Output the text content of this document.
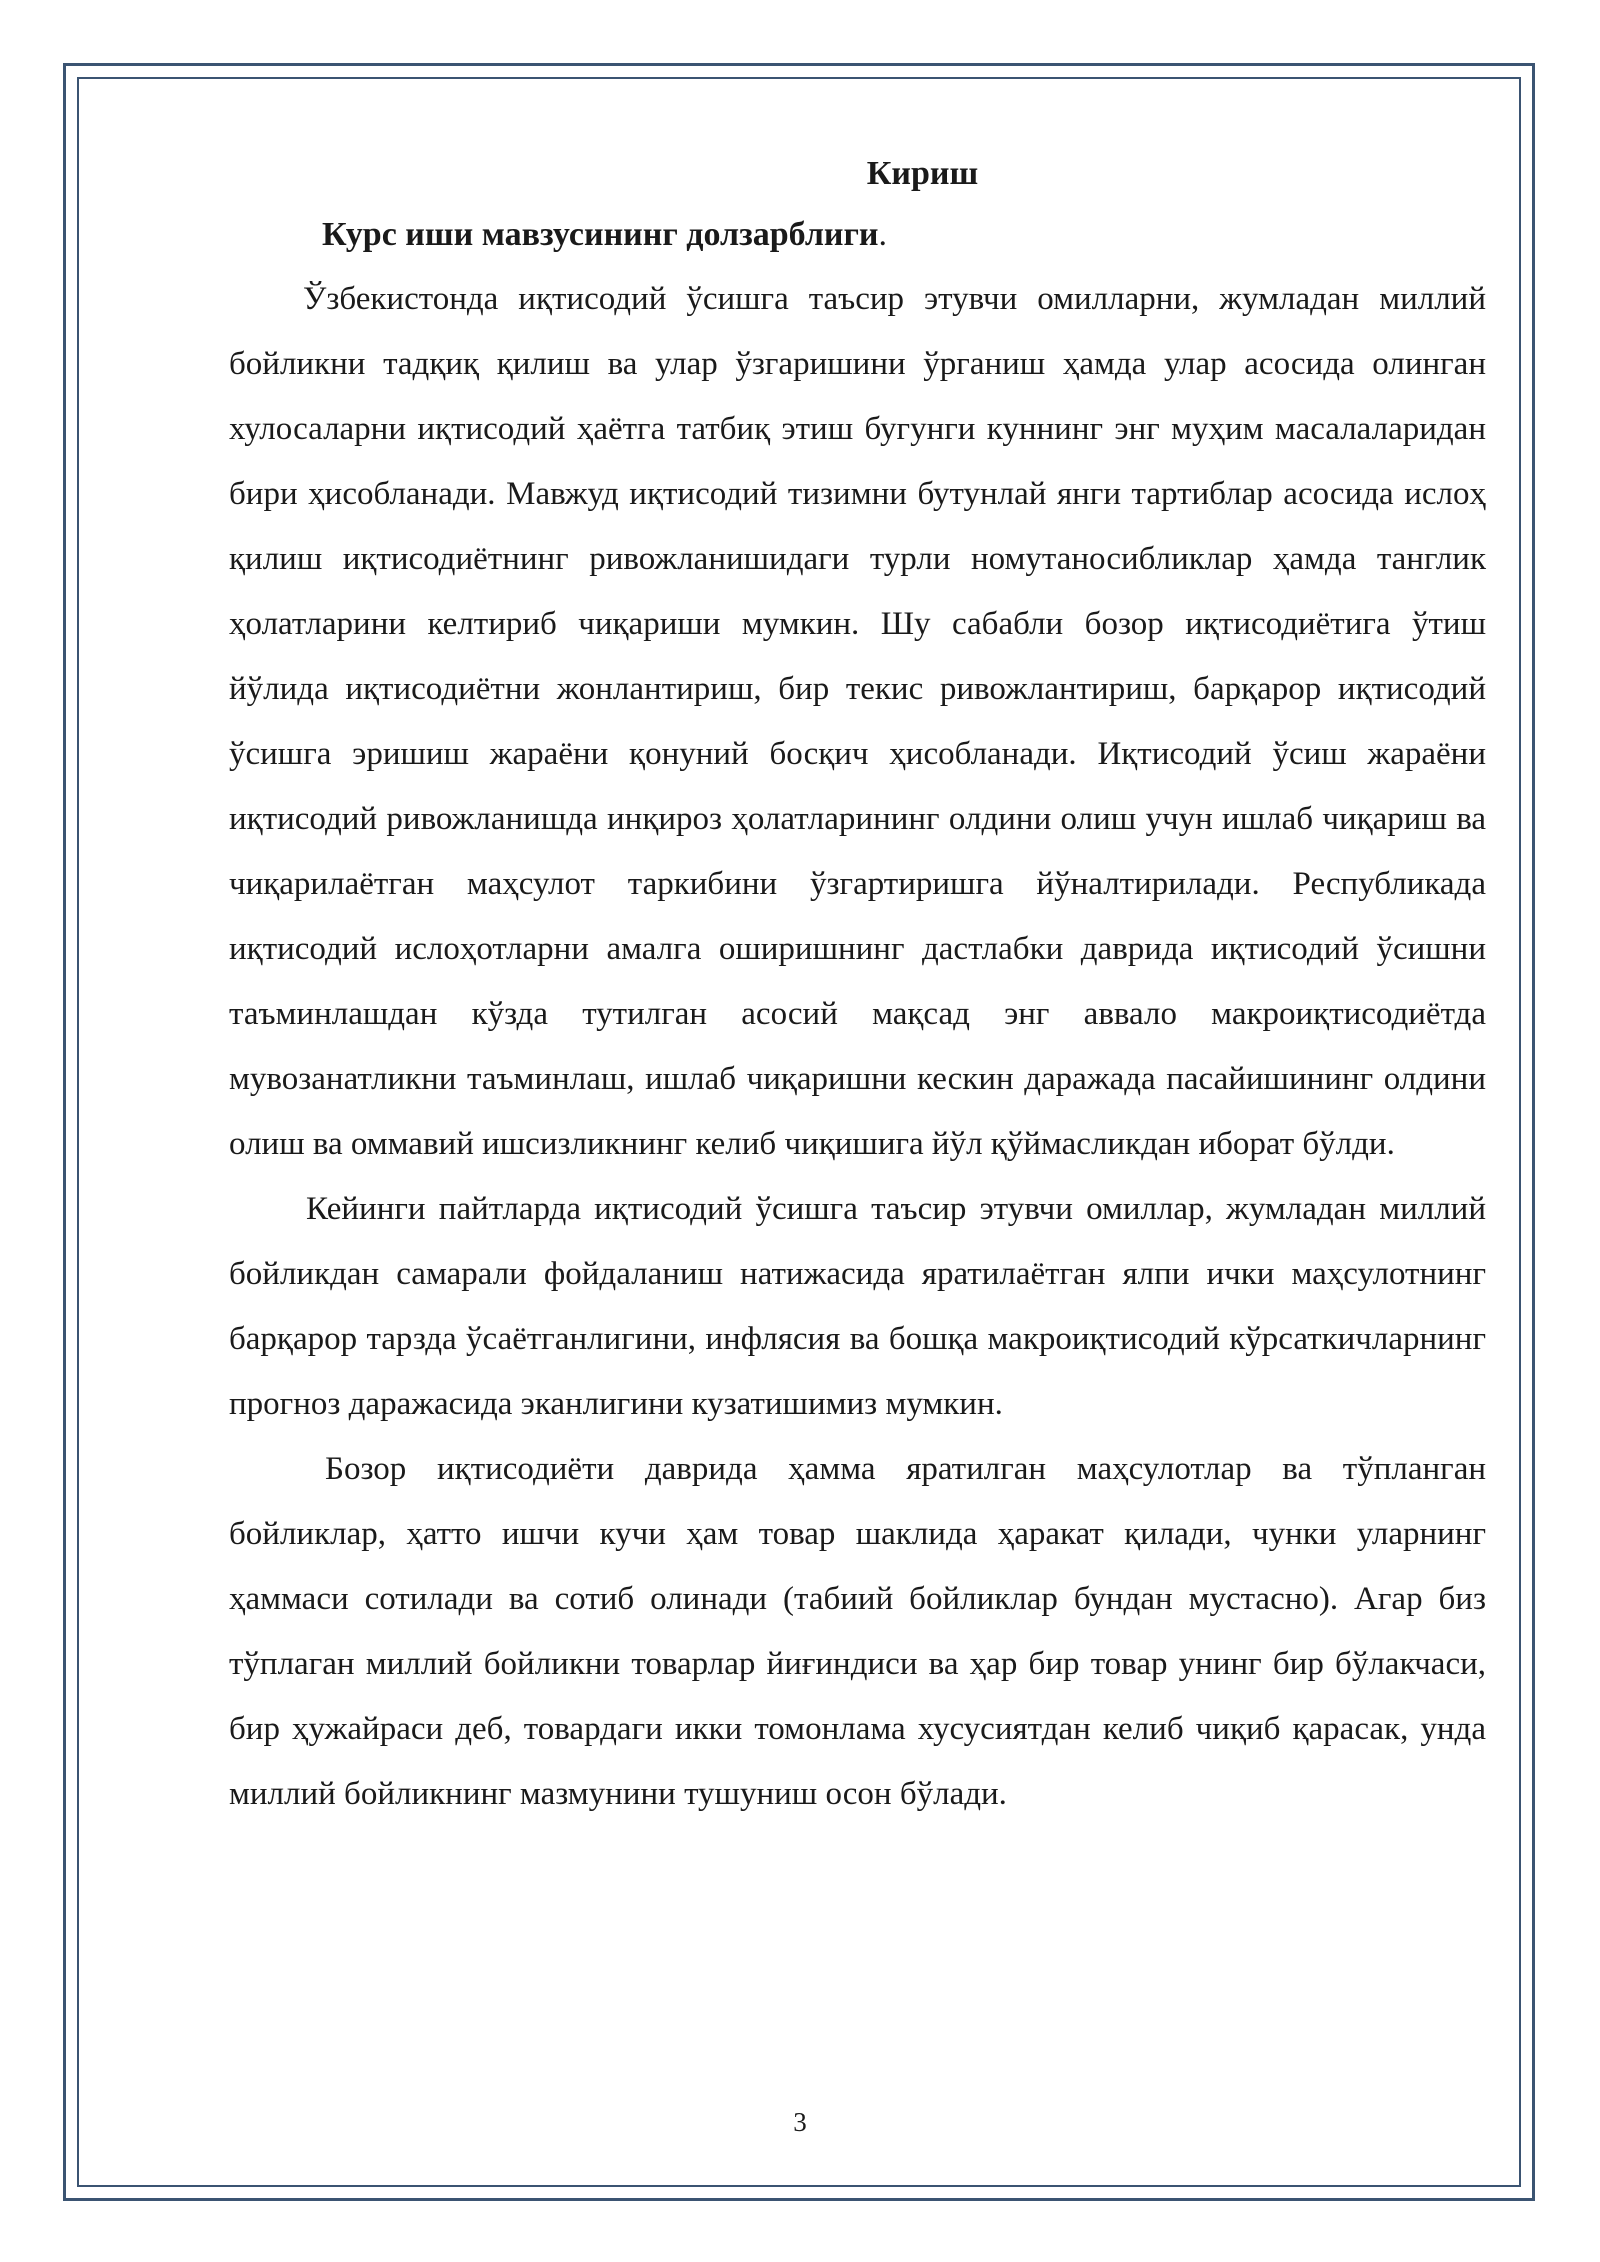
Кириш
Курс иши мавзусининг долзарблиги.

Ўзбекистонда иқтисодий ўсишга таъсир этувчи омилларни, жумладан миллий бойликни тадқиқ қилиш ва улар ўзгаришини ўрганиш ҳамда улар асосида олинган хулосаларни иқтисодий ҳаётга татбиқ этиш бугунги куннинг энг муҳим масалаларидан бири ҳисобланади. Мавжуд иқтисодий тизимни бутунлай янги тартиблар асосида ислоҳ қилиш иқтисодиётнинг ривожланишидаги турли номутаносибликлар ҳамда танглик ҳолатларини келтириб чиқариши мумкин. Шу сабабли бозор иқтисодиётига ўтиш йўлида иқтисодиётни жонлантириш, бир текис ривожлантириш, барқарор иқтисодий ўсишга эришиш жараёни қонуний босқич ҳисобланади. Иқтисодий ўсиш жараёни иқтисодий ривожланишда инқироз ҳолатларининг олдини олиш учун ишлаб чиқариш ва чиқарилаётган маҳсулот таркибини ўзгартиришга йўналтирилади. Республикада иқтисодий ислоҳотларни амалга оширишнинг дастлабки даврида иқтисодий ўсишни таъминлашдан кўзда тутилган асосий мақсад энг аввало макроиқтисодиётда мувозанатликни таъминлаш, ишлаб чиқаришни кескин даражада пасайишининг олдини олиш ва оммавий ишсизликнинг келиб чиқишига йўл қўймасликдан иборат бўлди.

Кейинги пайтларда иқтисодий ўсишга таъсир этувчи омиллар, жумладан миллий бойликдан самарали фойдаланиш натижасида яратилаётган ялпи ички маҳсулотнинг барқарор тарзда ўсаётганлигини, инфлясия ва бошқа макроиқтисодий кўрсаткичларнинг прогноз даражасида эканлигини кузатишимиз мумкин.

Бозор иқтисодиёти даврида ҳамма яратилган маҳсулотлар ва тўпланган бойликлар, ҳатто ишчи кучи ҳам товар шаклида ҳаракат қилади, чунки уларнинг ҳаммаси сотилади ва сотиб олинади (табиий бойликлар бундан мустасно). Агар биз тўплаган миллий бойликни товарлар йиғиндиси ва ҳар бир товар унинг бир бўлакчаси, бир ҳужайраси деб, товардаги икки томонлама хусусиятдан келиб чиқиб қарасак, унда миллий бойликнинг мазмунини тушуниш осон бўлади.

3
